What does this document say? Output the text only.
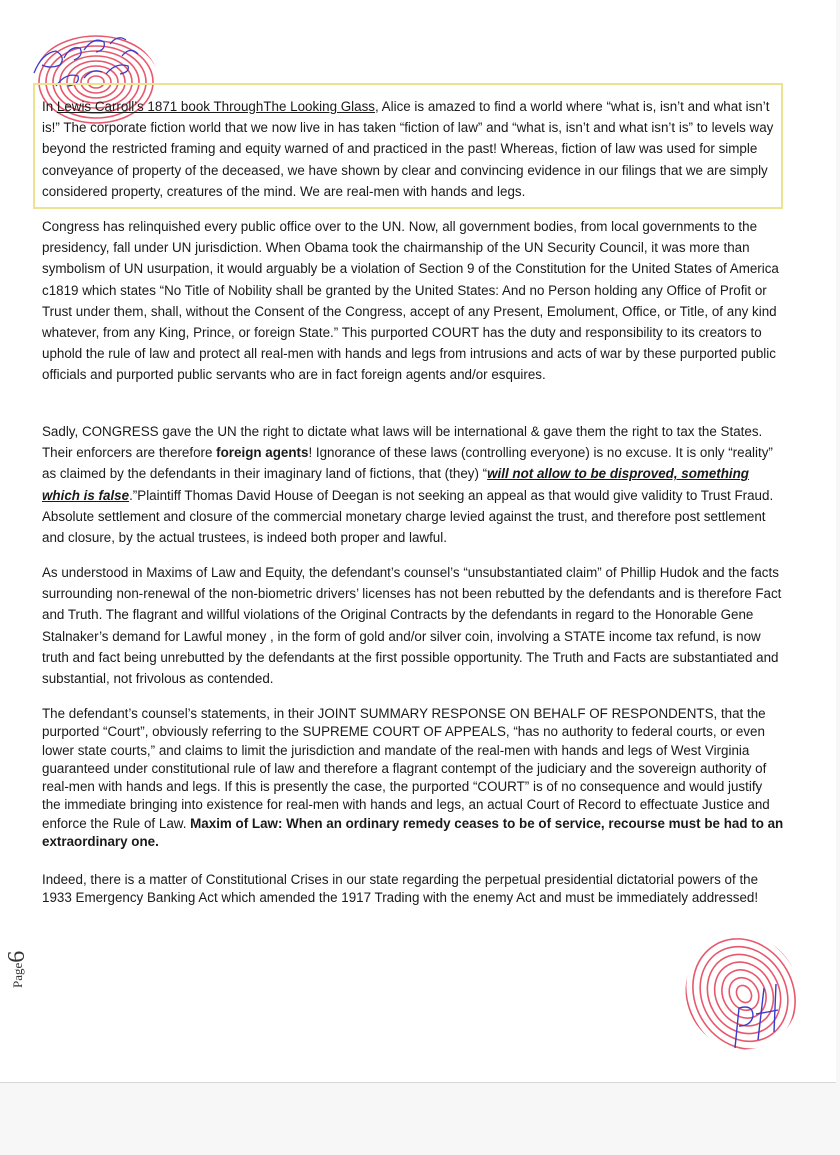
In Lewis Carroll’s 1871 book ThroughThe Looking Glass, Alice is amazed to find a world where “what is, isn’t and what isn’t is!” The corporate fiction world that we now live in has taken “fiction of law” and “what is, isn’t and what isn’t is” to levels way beyond the restricted framing and equity warned of and practiced in the past! Whereas, fiction of law was used for simple conveyance of property of the deceased, we have shown by clear and convincing evidence in our filings that we are simply considered property, creatures of the mind. We are real-men with hands and legs.

Congress has relinquished every public office over to the UN. Now, all government bodies, from local governments to the presidency, fall under UN jurisdiction. When Obama took the chairmanship of the UN Security Council, it was more than symbolism of UN usurpation, it would arguably be a violation of Section 9 of the Constitution for the United States of America c1819 which states “No Title of Nobility shall be granted by the United States: And no Person holding any Office of Profit or Trust under them, shall, without the Consent of the Congress, accept of any Present, Emolument, Office, or Title, of any kind whatever, from any King, Prince, or foreign State.” This purported COURT has the duty and responsibility to its creators to uphold the rule of law and protect all real-men with hands and legs from intrusions and acts of war by these purported public officials and purported public servants who are in fact foreign agents and/or esquires.

Sadly, CONGRESS gave the UN the right to dictate what laws will be international & gave them the right to tax the States. Their enforcers are therefore foreign agents! Ignorance of these laws (controlling everyone) is no excuse. It is only “reality” as claimed by the defendants in their imaginary land of fictions, that (they) “will not allow to be disproved, something which is false.”Plaintiff Thomas David House of Deegan is not seeking an appeal as that would give validity to Trust Fraud. Absolute settlement and closure of the commercial monetary charge levied against the trust, and therefore post settlement and closure, by the actual trustees, is indeed both proper and lawful.

As understood in Maxims of Law and Equity, the defendant’s counsel’s “unsubstantiated claim” of Phillip Hudok and the facts surrounding non-renewal of the non-biometric drivers’ licenses has not been rebutted by the defendants and is therefore Fact and Truth. The flagrant and willful violations of the Original Contracts by the defendants in regard to the Honorable Gene Stalnaker’s demand for Lawful money , in the form of gold and/or silver coin, involving a STATE income tax refund, is now truth and fact being unrebutted by the defendants at the first possible opportunity. The Truth and Facts are substantiated and substantial, not frivolous as contended.

The defendant’s counsel’s statements, in their JOINT SUMMARY RESPONSE ON BEHALF OF RESPONDENTS, that the purported “Court”, obviously referring to the SUPREME COURT OF APPEALS, “has no authority to federal courts, or even lower state courts,” and claims to limit the jurisdiction and mandate of the real-men with hands and legs of West Virginia guaranteed under constitutional rule of law and therefore a flagrant contempt of the judiciary and the sovereign authority of real-men with hands and legs. If this is presently the case, the purported “COURT” is of no consequence and would justify the immediate bringing into existence for real-men with hands and legs, an actual Court of Record to effectuate Justice and enforce the Rule of Law. Maxim of Law: When an ordinary remedy ceases to be of service, recourse must be had to an extraordinary one.

Indeed, there is a matter of Constitutional Crises in our state regarding the perpetual presidential dictatorial powers of the 1933 Emergency Banking Act which amended the 1917 Trading with the enemy Act and must be immediately addressed!

Page6
